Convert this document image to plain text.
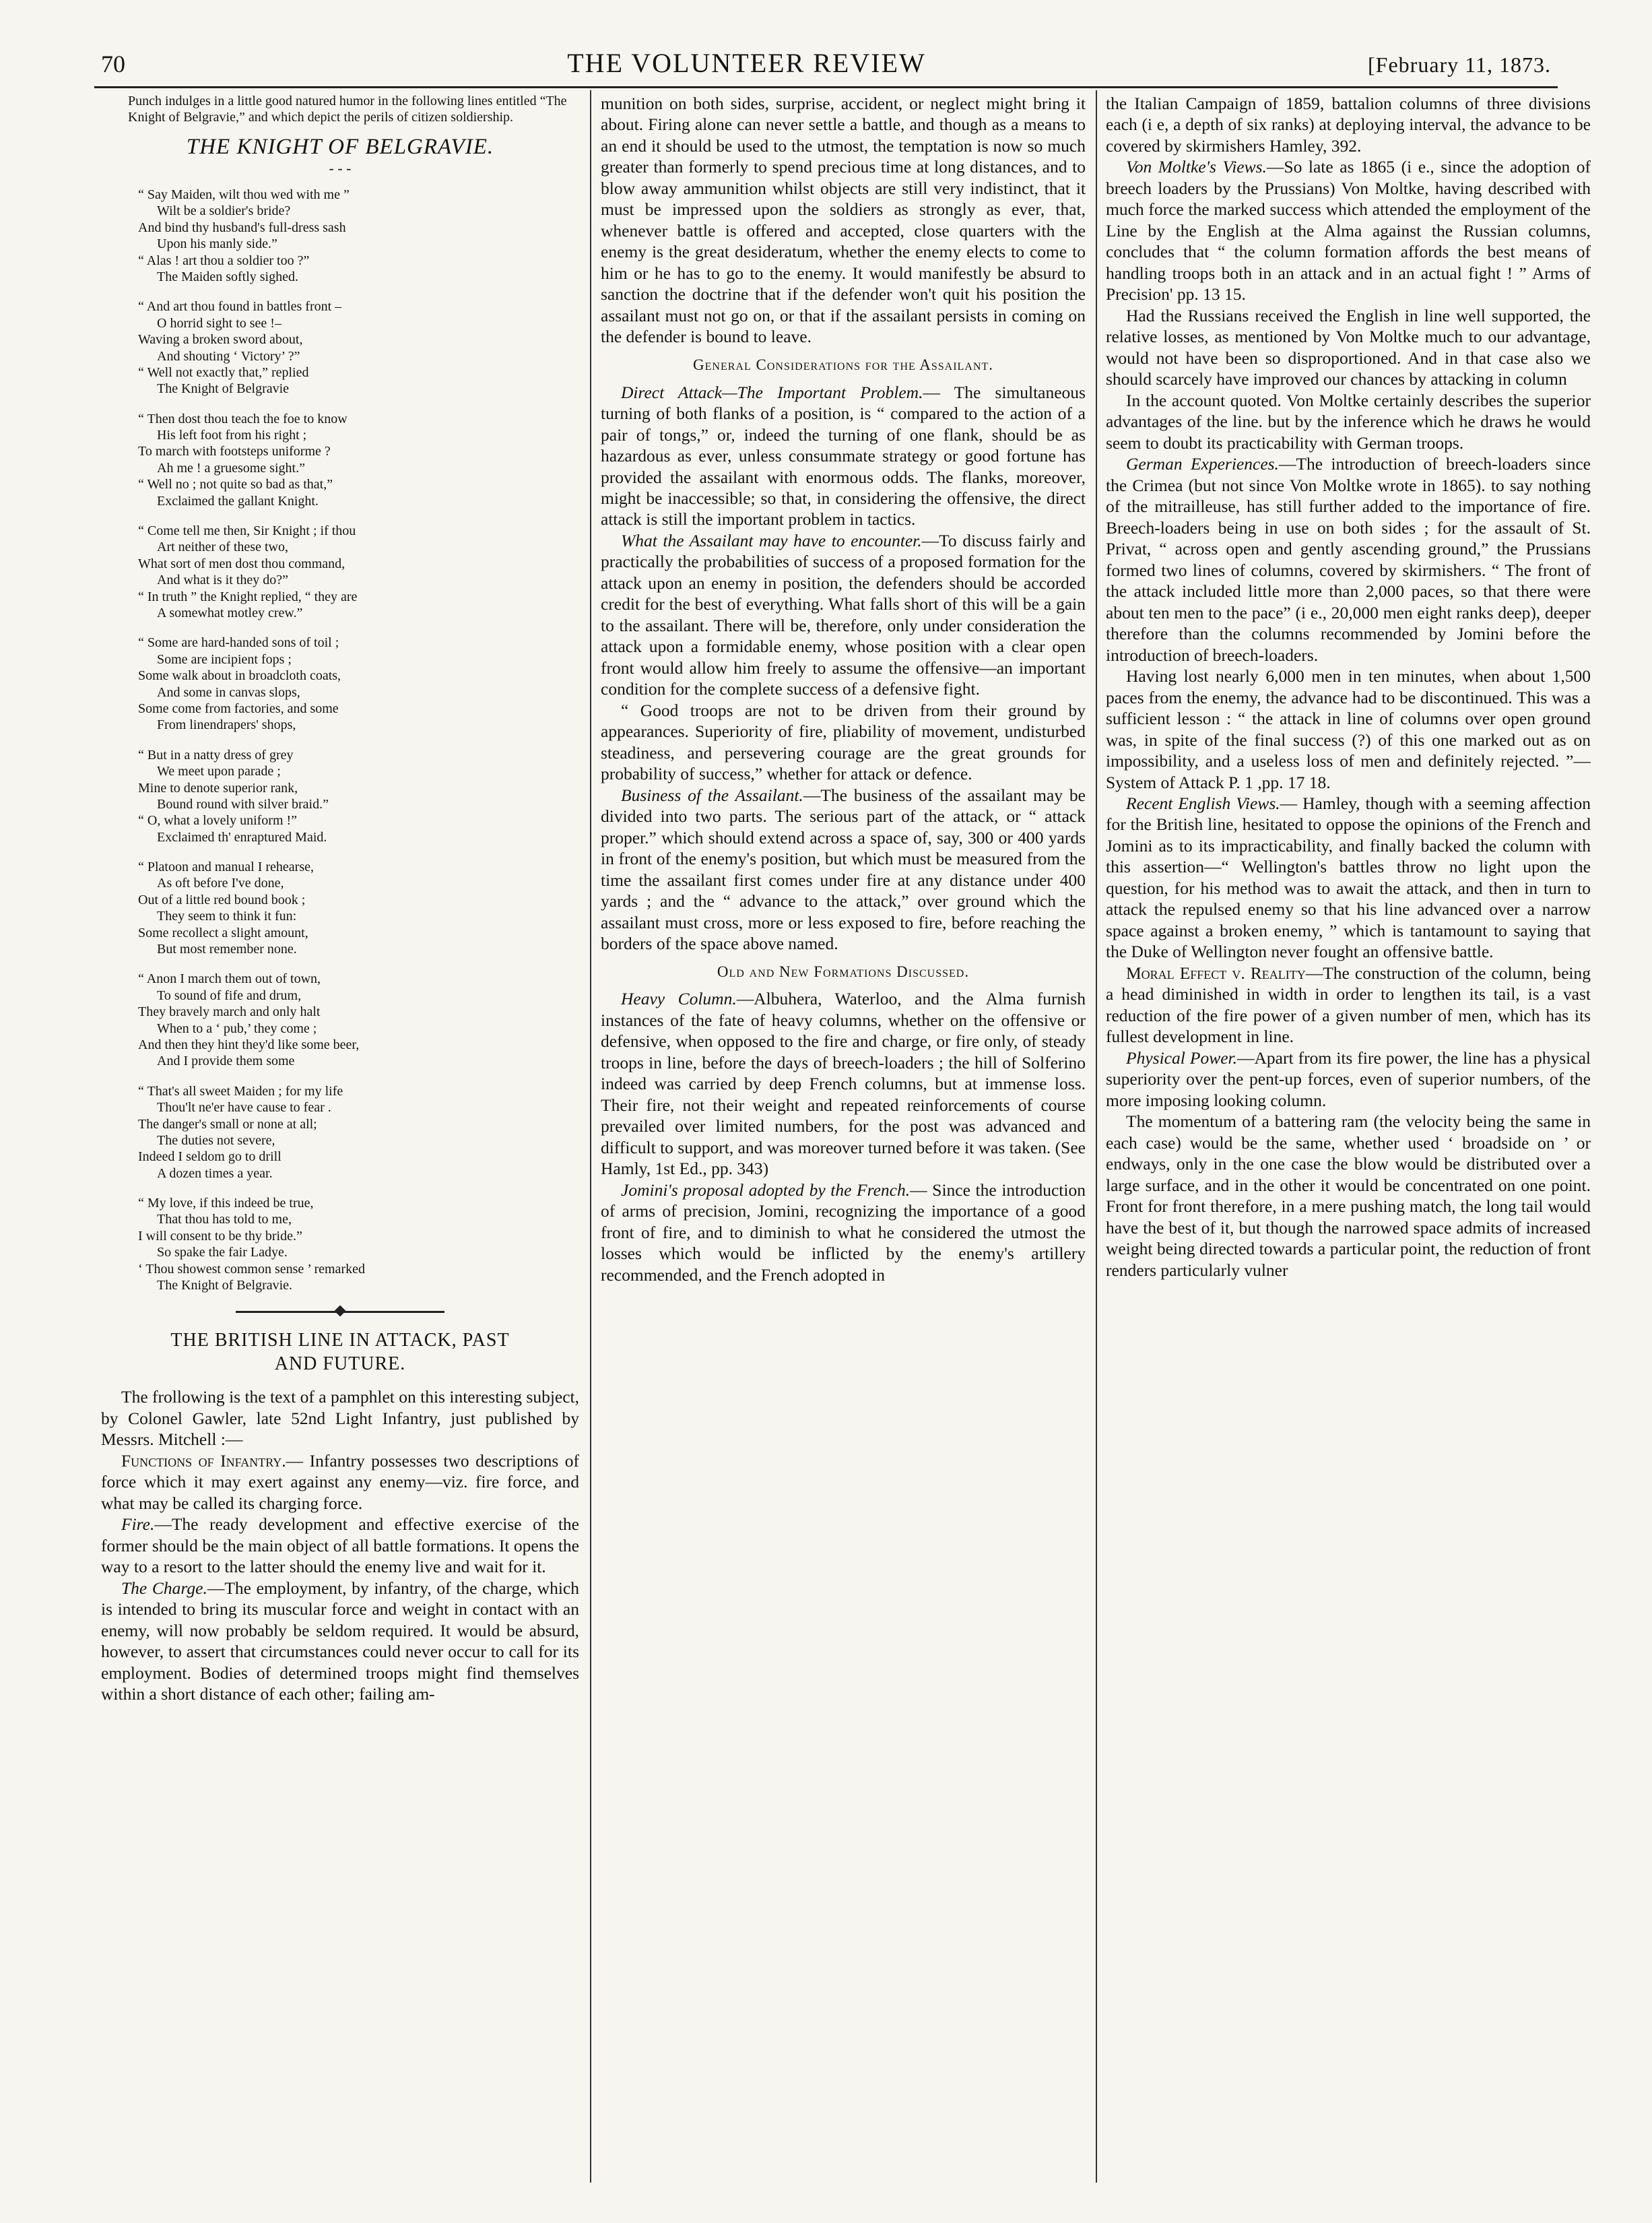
70	THE VOLUNTEER REVIEW	[February 11, 1873.

Punch indulges in a little good natured humor in the following lines entitled “The Knight of Belgravie,” and which depict the perils of citizen soldiership.

THE KNIGHT OF BELGRAVIE.
- - -
“ Say Maiden, wilt thou wed with me ”
Wilt be a soldier's bride?
And bind thy husband's full-dress sash
Upon his manly side.”
“ Alas ! art thou a soldier too ?”
The Maiden softly sighed.
“ And art thou found in battles front –
O horrid sight to see !–
Waving a broken sword about,
And shouting ‘ Victory’ ?”
“ Well not exactly that,” replied
The Knight of Belgravie
“ Then dost thou teach the foe to know
His left foot from his right ;
To march with footsteps uniforme ?
Ah me ! a gruesome sight.”
“ Well no ; not quite so bad as that,”
Exclaimed the gallant Knight.
“ Come tell me then, Sir Knight ; if thou
Art neither of these two,
What sort of men dost thou command,
And what is it they do?”
“ In truth ” the Knight replied, “ they are
A somewhat motley crew.”
“ Some are hard-handed sons of toil ;
Some are incipient fops ;
Some walk about in broadcloth coats,
And some in canvas slops,
Some come from factories, and some
From linendrapers' shops,
“ But in a natty dress of grey
We meet upon parade ;
Mine to denote superior rank,
Bound round with silver braid.”
“ O, what a lovely uniform !”
Exclaimed th' enraptured Maid.
“ Platoon and manual I rehearse,
As oft before I've done,
Out of a little red bound book ;
They seem to think it fun:
Some recollect a slight amount,
But most remember none.
“ Anon I march them out of town,
To sound of fife and drum,
They bravely march and only halt
When to a ‘ pub,’ they come ;
And then they hint they'd like some beer,
And I provide them some
“ That's all sweet Maiden ; for my life
Thou'lt ne'er have cause to fear .
The danger's small or none at all;
The duties not severe,
Indeed I seldom go to drill
A dozen times a year.
“ My love, if this indeed be true,
That thou has told to me,
I will consent to be thy bride.”
So spake the fair Ladye.
‘ Thou showest common sense ’ remarked
The Knight of Belgravie.
THE BRITISH LINE IN ATTACK, PAST
AND FUTURE.

The frollowing is the text of a pamphlet on this interesting subject, by Colonel Gawler, late 52nd Light Infantry, just published by Messrs. Mitchell :—

Functions of Infantry.— Infantry possesses two descriptions of force which it may exert against any enemy—viz. fire force, and what may be called its charging force.

Fire.—The ready development and effective exercise of the former should be the main object of all battle formations. It opens the way to a resort to the latter should the enemy live and wait for it.

The Charge.—The employment, by infantry, of the charge, which is intended to bring its muscular force and weight in contact with an enemy, will now probably be seldom required. It would be absurd, however, to assert that circumstances could never occur to call for its employment. Bodies of determined troops might find themselves within a short distance of each other; failing am-

munition on both sides, surprise, accident, or neglect might bring it about. Firing alone can never settle a battle, and though as a means to an end it should be used to the utmost, the temptation is now so much greater than formerly to spend precious time at long distances, and to blow away ammunition whilst objects are still very indistinct, that it must be impressed upon the soldiers as strongly as ever, that, whenever battle is offered and accepted, close quarters with the enemy is the great desideratum, whether the enemy elects to come to him or he has to go to the enemy. It would manifestly be absurd to sanction the doctrine that if the defender won't quit his position the assailant must not go on, or that if the assailant persists in coming on the defender is bound to leave.

General Considerations for the Assailant.

Direct Attack—The Important Problem.— The simultaneous turning of both flanks of a position, is “ compared to the action of a pair of tongs,” or, indeed the turning of one flank, should be as hazardous as ever, unless consummate strategy or good fortune has provided the assailant with enormous odds. The flanks, moreover, might be inaccessible; so that, in considering the offensive, the direct attack is still the important problem in tactics.

What the Assailant may have to encounter.—To discuss fairly and practically the probabilities of success of a proposed formation for the attack upon an enemy in position, the defenders should be accorded credit for the best of everything. What falls short of this will be a gain to the assailant. There will be, therefore, only under consideration the attack upon a formidable enemy, whose position with a clear open front would allow him freely to assume the offensive—an important condition for the complete success of a defensive fight.

“ Good troops are not to be driven from their ground by appearances. Superiority of fire, pliability of movement, undisturbed steadiness, and persevering courage are the great grounds for probability of success,” whether for attack or defence.

Business of the Assailant.—The business of the assailant may be divided into two parts. The serious part of the attack, or “ attack proper.” which should extend across a space of, say, 300 or 400 yards in front of the enemy's position, but which must be measured from the time the assailant first comes under fire at any distance under 400 yards ; and the “ advance to the attack,” over ground which the assailant must cross, more or less exposed to fire, before reaching the borders of the space above named.

Old and New Formations Discussed.

Heavy Column.—Albuhera, Waterloo, and the Alma furnish instances of the fate of heavy columns, whether on the offensive or defensive, when opposed to the fire and charge, or fire only, of steady troops in line, before the days of breech-loaders ; the hill of Solferino indeed was carried by deep French columns, but at immense loss. Their fire, not their weight and repeated reinforcements of course prevailed over limited numbers, for the post was advanced and difficult to support, and was moreover turned before it was taken. (See Hamly, 1st Ed., pp. 343)

Jomini's proposal adopted by the French.— Since the introduction of arms of precision, Jomini, recognizing the importance of a good front of fire, and to diminish to what he considered the utmost the losses which would be inflicted by the enemy's artillery recommended, and the French adopted in

the Italian Campaign of 1859, battalion columns of three divisions each (i e, a depth of six ranks) at deploying interval, the advance to be covered by skirmishers Hamley, 392.

Von Moltke's Views.—So late as 1865 (i e., since the adoption of breech loaders by the Prussians) Von Moltke, having described with much force the marked success which attended the employment of the Line by the English at the Alma against the Russian columns, concludes that “ the column formation affords the best means of handling troops both in an attack and in an actual fight ! ” Arms of Precision' pp. 13 15.

Had the Russians received the English in line well supported, the relative losses, as mentioned by Von Moltke much to our advantage, would not have been so disproportioned. And in that case also we should scarcely have improved our chances by attacking in column

In the account quoted. Von Moltke certainly describes the superior advantages of the line. but by the inference which he draws he would seem to doubt its practicability with German troops.

German Experiences.—The introduction of breech-loaders since the Crimea (but not since Von Moltke wrote in 1865). to say nothing of the mitrailleuse, has still further added to the importance of fire. Breech-loaders being in use on both sides ; for the assault of St. Privat, “ across open and gently ascending ground,” the Prussians formed two lines of columns, covered by skirmishers. “ The front of the attack included little more than 2,000 paces, so that there were about ten men to the pace” (i e., 20,000 men eight ranks deep), deeper therefore than the columns recommended by Jomini before the introduction of breech-loaders.

Having lost nearly 6,000 men in ten minutes, when about 1,500 paces from the enemy, the advance had to be discontinued. This was a sufficient lesson : “ the attack in line of columns over open ground was, in spite of the final success (?) of this one marked out as on impossibility, and a useless loss of men and definitely rejected. ”—System of Attack P. 1 ,pp. 17 18.

Recent English Views.— Hamley, though with a seeming affection for the British line, hesitated to oppose the opinions of the French and Jomini as to its impracticability, and finally backed the column with this assertion—“ Wellington's battles throw no light upon the question, for his method was to await the attack, and then in turn to attack the repulsed enemy so that his line advanced over a narrow space against a broken enemy, ” which is tantamount to saying that the Duke of Wellington never fought an offensive battle.

Moral Effect v. Reality—The construction of the column, being a head diminished in width in order to lengthen its tail, is a vast reduction of the fire power of a given number of men, which has its fullest development in line.

Physical Power.—Apart from its fire power, the line has a physical superiority over the pent-up forces, even of superior numbers, of the more imposing looking column.

The momentum of a battering ram (the velocity being the same in each case) would be the same, whether used ‘ broadside on ’ or endways, only in the one case the blow would be distributed over a large surface, and in the other it would be concentrated on one point. Front for front therefore, in a mere pushing match, the long tail would have the best of it, but though the narrowed space admits of increased weight being directed towards a particular point, the reduction of front renders particularly vulner
